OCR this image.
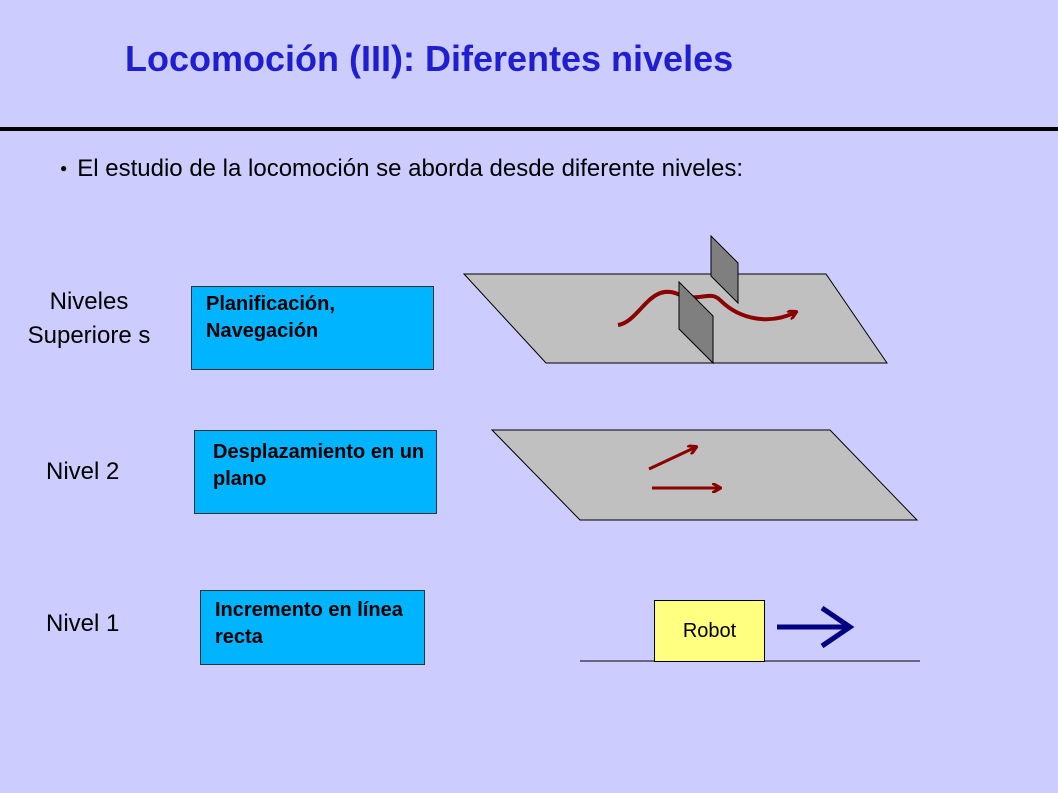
Locomoción (III): Diferentes niveles
● El estudio de la locomoción se aborda desde diferente niveles:
Niveles Superiore s
Nivel 2
Nivel 1
Planificación, Navegación
Desplazamiento en un plano
Incremento en línea recta	Robot
